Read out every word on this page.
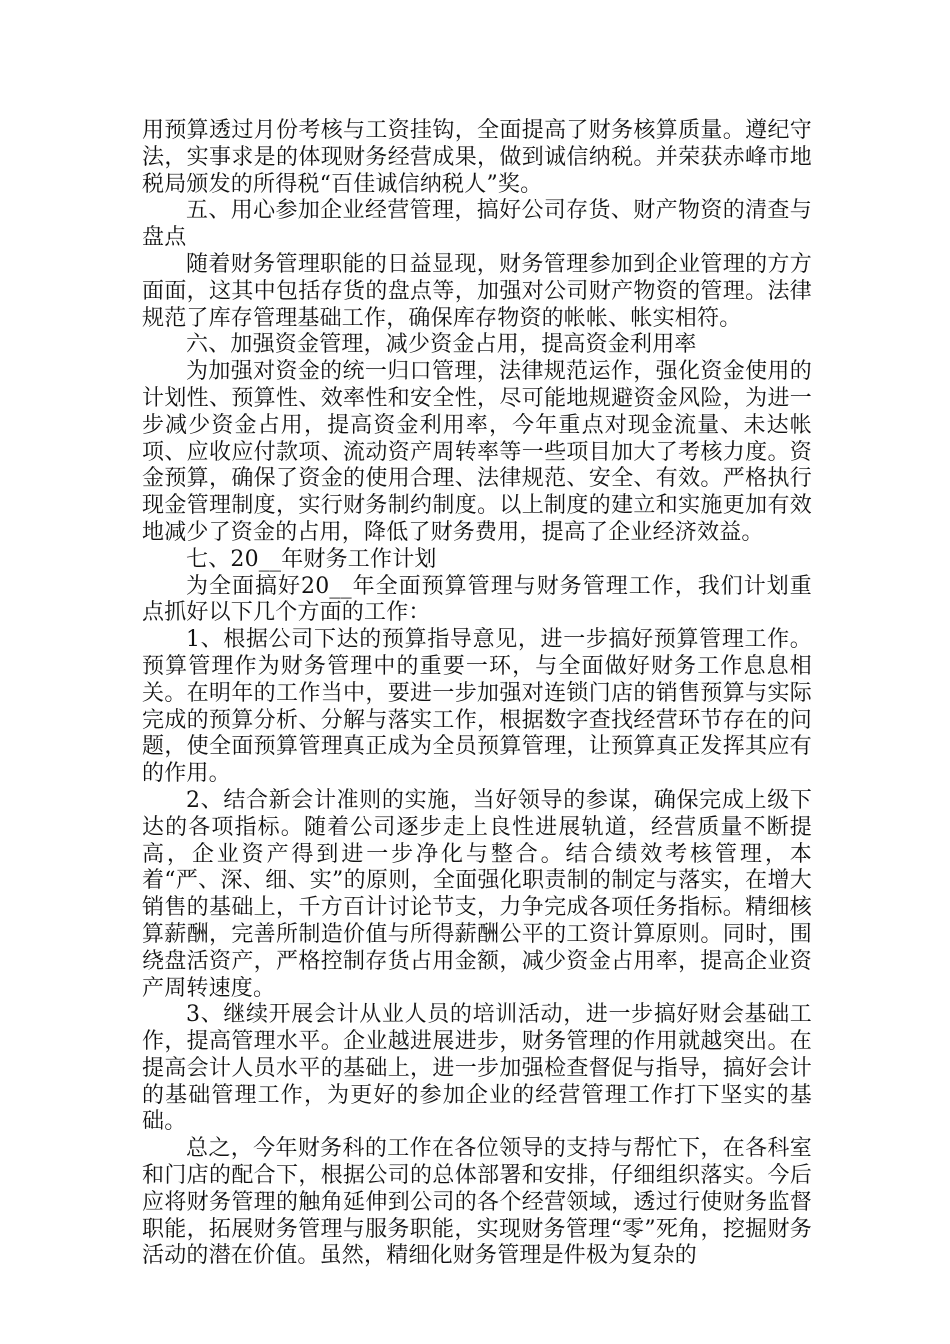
用预算透过月份考核与工资挂钩，全面提高了财务核算质量。遵纪守法，实事求是的体现财务经营成果，做到诚信纳税。并荣获赤峰市地税局颁发的所得税“百佳诚信纳税人”奖。

五、用心参加企业经营管理，搞好公司存货、财产物资的清查与盘点

随着财务管理职能的日益显现，财务管理参加到企业管理的方方面面，这其中包括存货的盘点等，加强对公司财产物资的管理。法律规范了库存管理基础工作，确保库存物资的帐帐、帐实相符。

六、加强资金管理，减少资金占用，提高资金利用率

为加强对资金的统一归口管理，法律规范运作，强化资金使用的计划性、预算性、效率性和安全性，尽可能地规避资金风险，为进一步减少资金占用，提高资金利用率，今年重点对现金流量、未达帐项、应收应付款项、流动资产周转率等一些项目加大了考核力度。资金预算，确保了资金的使用合理、法律规范、安全、有效。严格执行现金管理制度，实行财务制约制度。以上制度的建立和实施更加有效地减少了资金的占用，降低了财务费用，提高了企业经济效益。

七、20__年财务工作计划

为全面搞好20__年全面预算管理与财务管理工作，我们计划重点抓好以下几个方面的工作：

1、根据公司下达的预算指导意见，进一步搞好预算管理工作。预算管理作为财务管理中的重要一环，与全面做好财务工作息息相关。在明年的工作当中，要进一步加强对连锁门店的销售预算与实际完成的预算分析、分解与落实工作，根据数字查找经营环节存在的问题，使全面预算管理真正成为全员预算管理，让预算真正发挥其应有的作用。

2、结合新会计准则的实施，当好领导的参谋，确保完成上级下达的各项指标。随着公司逐步走上良性进展轨道，经营质量不断提高，企业资产得到进一步净化与整合。结合绩效考核管理，本着“严、深、细、实”的原则，全面强化职责制的制定与落实，在增大销售的基础上，千方百计讨论节支，力争完成各项任务指标。精细核算薪酬，完善所制造价值与所得薪酬公平的工资计算原则。同时，围绕盘活资产，严格控制存货占用金额，减少资金占用率，提高企业资产周转速度。

3、继续开展会计从业人员的培训活动，进一步搞好财会基础工作，提高管理水平。企业越进展进步，财务管理的作用就越突出。在提高会计人员水平的基础上，进一步加强检查督促与指导，搞好会计的基础管理工作，为更好的参加企业的经营管理工作打下坚实的基础。

总之，今年财务科的工作在各位领导的支持与帮忙下，在各科室和门店的配合下，根据公司的总体部署和安排，仔细组织落实。今后应将财务管理的触角延伸到公司的各个经营领域，透过行使财务监督职能，拓展财务管理与服务职能，实现财务管理“零”死角，挖掘财务活动的潜在价值。虽然，精细化财务管理是件极为复杂的
